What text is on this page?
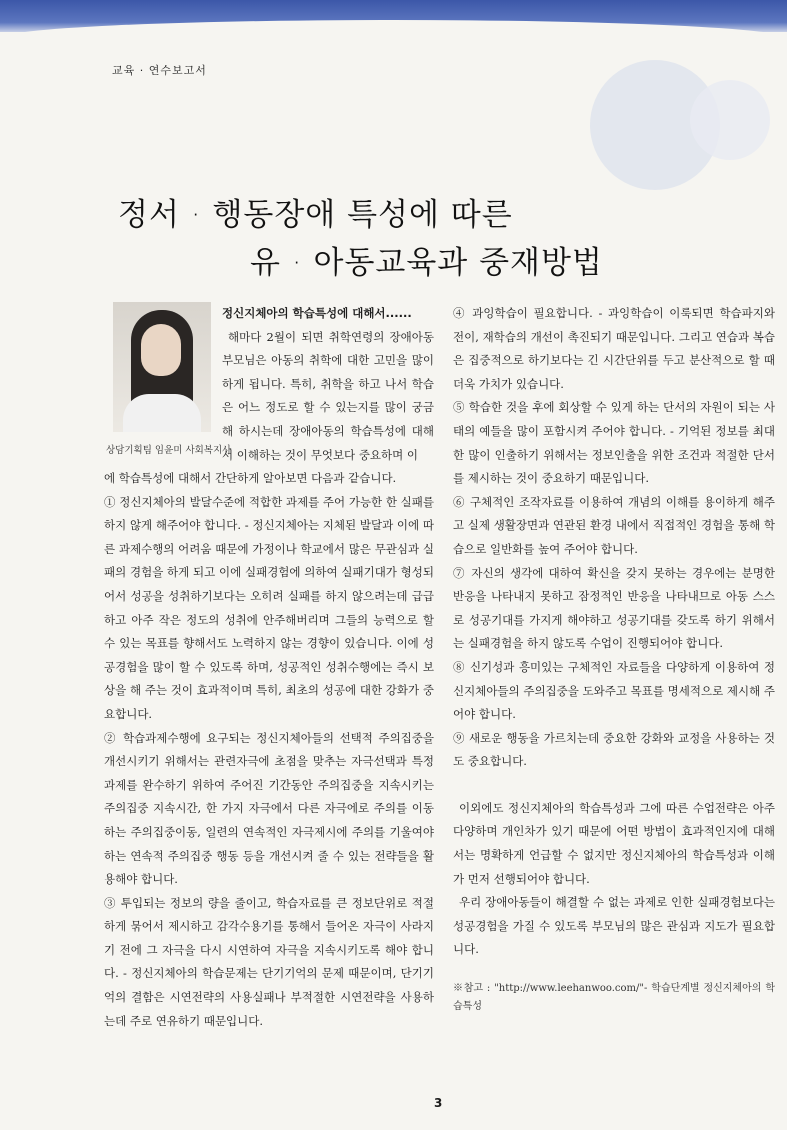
교육 · 연수보고서
정서 · 행동장애 특성에 따른
유 · 아동교육과 중재방법
상담기획팀 임윤미 사회복지사

정신지체아의 학습특성에 대해서......

해마다 2월이 되면 취학연령의 장애아동 부모님은 아동의 취학에 대한 고민을 많이 하게 됩니다. 특히, 취학을 하고 나서 학습은 어느 정도로 할 수 있는지를 많이 궁금해 하시는데 장애아동의 학습특성에 대해서 이해하는 것이 무엇보다 중요하며 이

에 학습특성에 대해서 간단하게 알아보면 다음과 같습니다.

① 정신지체아의 발달수준에 적합한 과제를 주어 가능한 한 실패를 하지 않게 해주어야 합니다. - 정신지체아는 지체된 발달과 이에 따른 과제수행의 어려움 때문에 가정이나 학교에서 많은 무관심과 실패의 경험을 하게 되고 이에 실패경험에 의하여 실패기대가 형성되어서 성공을 성취하기보다는 오히려 실패를 하지 않으려는데 급급하고 아주 작은 정도의 성취에 안주해버리며 그들의 능력으로 할 수 있는 목표를 향해서도 노력하지 않는 경향이 있습니다. 이에 성공경험을 많이 할 수 있도록 하며, 성공적인 성취수행에는 즉시 보상을 해 주는 것이 효과적이며 특히, 최초의 성공에 대한 강화가 중요합니다.

② 학습과제수행에 요구되는 정신지체아들의 선택적 주의집중을 개선시키기 위해서는 관련자극에 초점을 맞추는 자극선택과 특정과제를 완수하기 위하여 주어진 기간동안 주의집중을 지속시키는 주의집중 지속시간, 한 가지 자극에서 다른 자극에로 주의를 이동하는 주의집중이동, 일련의 연속적인 자극제시에 주의를 기울여야 하는 연속적 주의집중 행동 등을 개선시켜 줄 수 있는 전략들을 활용해야 합니다.

③ 투입되는 정보의 량을 줄이고, 학습자료를 큰 정보단위로 적절하게 묶어서 제시하고 감각수용기를 통해서 들어온 자극이 사라지기 전에 그 자극을 다시 시연하여 자극을 지속시키도록 해야 합니다. - 정신지체아의 학습문제는 단기기억의 문제 때문이며, 단기기억의 결함은 시연전략의 사용실패나 부적절한 시연전략을 사용하는데 주로 연유하기 때문입니다.

④ 과잉학습이 필요합니다. - 과잉학습이 이룩되면 학습파지와 전이, 재학습의 개선이 촉진되기 때문입니다. 그리고 연습과 복습은 집중적으로 하기보다는 긴 시간단위를 두고 분산적으로 할 때 더욱 가치가 있습니다.

⑤ 학습한 것을 후에 회상할 수 있게 하는 단서의 자원이 되는 사태의 예들을 많이 포함시켜 주어야 합니다. - 기억된 정보를 최대한 많이 인출하기 위해서는 정보인출을 위한 조건과 적절한 단서를 제시하는 것이 중요하기 때문입니다.

⑥ 구체적인 조작자료를 이용하여 개념의 이해를 용이하게 해주고 실제 생활장면과 연관된 환경 내에서 직접적인 경험을 통해 학습으로 일반화를 높여 주어야 합니다.

⑦ 자신의 생각에 대하여 확신을 갖지 못하는 경우에는 분명한 반응을 나타내지 못하고 잠정적인 반응을 나타내므로 아동 스스로 성공기대를 가지게 해야하고 성공기대를 갖도록 하기 위해서는 실패경험을 하지 않도록 수업이 진행되어야 합니다.

⑧ 신기성과 흥미있는 구체적인 자료들을 다양하게 이용하여 정신지체아들의 주의집중을 도와주고 목표를 명세적으로 제시해 주어야 합니다.

⑨ 새로운 행동을 가르치는데 중요한 강화와 교정을 사용하는 것도 중요합니다.

이외에도 정신지체아의 학습특성과 그에 따른 수업전략은 아주 다양하며 개인차가 있기 때문에 어떤 방법이 효과적인지에 대해서는 명확하게 언급할 수 없지만 정신지체아의 학습특성과 이해가 먼저 선행되어야 합니다.

우리 장애아동들이 해결할 수 없는 과제로 인한 실패경험보다는 성공경험을 가질 수 있도록 부모님의 많은 관심과 지도가 필요합니다.

※참고 : "http://www.leehanwoo.com/"- 학습단계별 정신지체아의 학습특성

3
